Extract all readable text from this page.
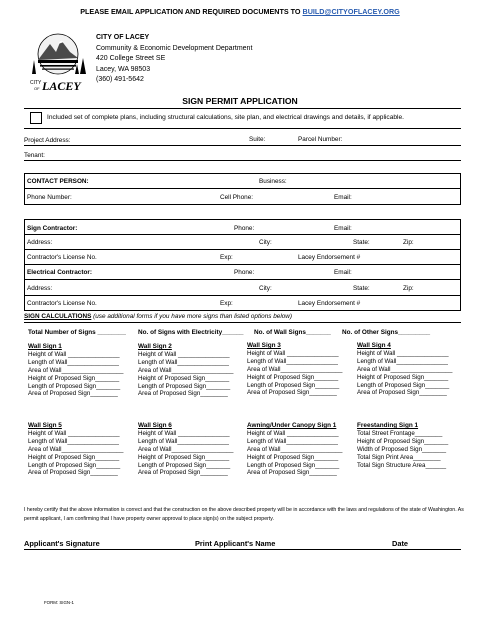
PLEASE EMAIL APPLICATION AND REQUIRED DOCUMENTS TO BUILD@CITYOFLACEY.ORG
CITY
OF LACEY
CITY OF LACEY
Community & Economic Development Department
420 College Street SE
Lacey, WA 98503
(360) 491-5642
SIGN PERMIT APPLICATION
Included set of complete plans, including structural calculations, site plan, and electrical drawings and details, if applicable.
Project Address:	Suite:	Parcel Number:
Tenant:
CONTACT PERSON:	Business:
Phone Number:	Cell Phone:	Email:
Sign Contractor:	Phone:	Email:
Address:	City:	State:	Zip:
Contractor's License No.	Exp:	Lacey Endorsement #
Electrical Contractor:	Phone:	Email:
Address:	City:	State:	Zip:
Contractor's License No.	Exp:	Lacey Endorsement #
SIGN CALCULATIONS (use additional forms if you have more signs than listed options below)
Total Number of Signs ________ No. of Signs with Electricity______ No. of Wall Signs_______ No. of Other Signs_________
Wall Sign 1
Height of Wall _______________
Length of Wall_______________
Area of Wall__________________
Height of Proposed Sign_______
Length of Proposed Sign_______
Area of Proposed Sign________
Wall Sign 2
Height of Wall _______________
Length of Wall_______________
Area of Wall__________________
Height of Proposed Sign_______
Length of Proposed Sign_______
Area of Proposed Sign________
Wall Sign 3
Height of Wall _______________
Length of Wall_______________
Area of Wall__________________
Height of Proposed Sign_______
Length of Proposed Sign_______
Area of Proposed Sign________
Wall Sign 4
Height of Wall _______________
Length of Wall_______________
Area of Wall__________________
Height of Proposed Sign_______
Length of Proposed Sign_______
Area of Proposed Sign________
Wall Sign 5
Height of Wall _______________
Length of Wall_______________
Area of Wall__________________
Height of Proposed Sign_______
Length of Proposed Sign_______
Area of Proposed Sign________
Wall Sign 6
Height of Wall _______________
Length of Wall_______________
Area of Wall__________________
Height of Proposed Sign_______
Length of Proposed Sign_______
Area of Proposed Sign________
Awning/Under Canopy Sign 1
Height of Wall _______________
Length of Wall_______________
Area of Wall__________________
Height of Proposed Sign_______
Length of Proposed Sign_______
Area of Proposed Sign________
Freestanding Sign 1
Total Street Frontage________
Height of Proposed Sign_______
Width of Proposed Sign_______
Total Sign Print Area________
Total Sign Structure Area______
I hereby certify that the above information is correct and that the construction on the above described property will be in accordance with the laws and regulations of the state of Washington. As permit applicant, I am confirming that I have property owner approval to place sign(s) on the subject property.
Applicant's Signature	Print Applicant's Name	Date
FORM: SIGN-1
